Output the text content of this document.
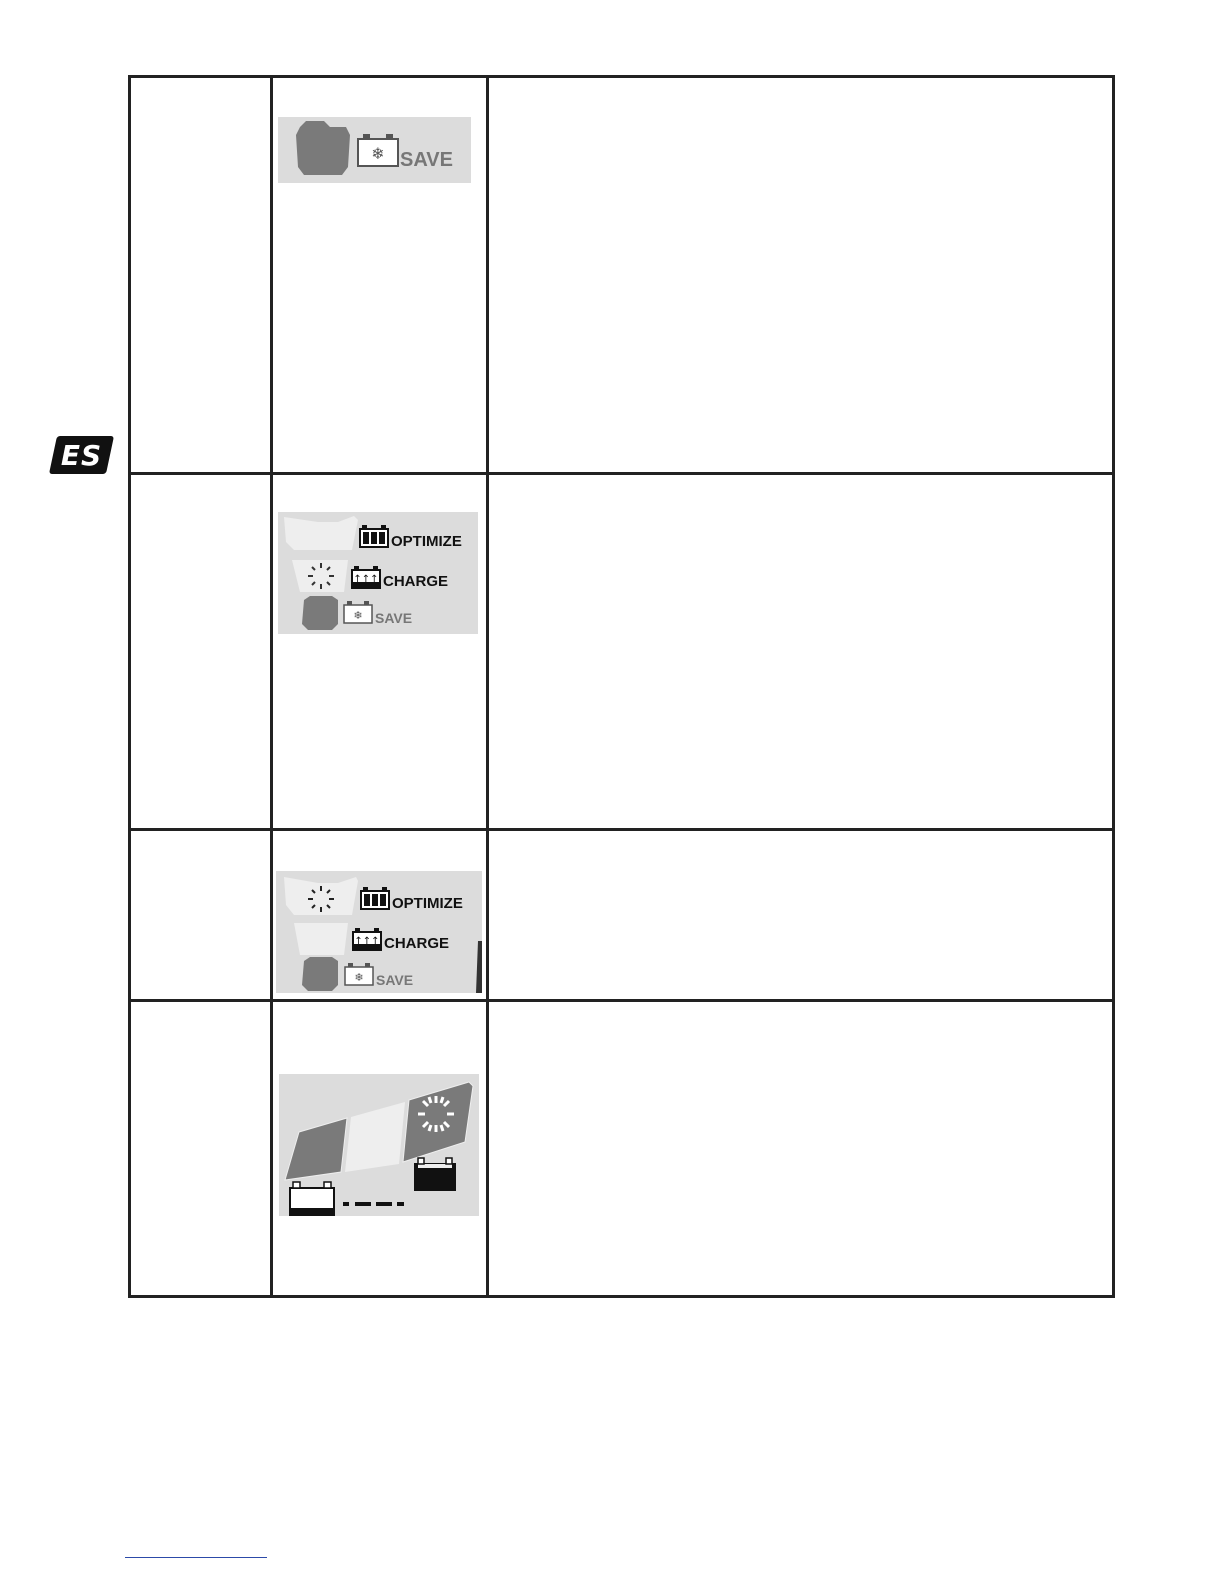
ES
❄ SAVE
OPTIMIZE
↑↑↑ CHARGE
❄ SAVE
OPTIMIZE
↑↑↑ CHARGE
❄ SAVE
